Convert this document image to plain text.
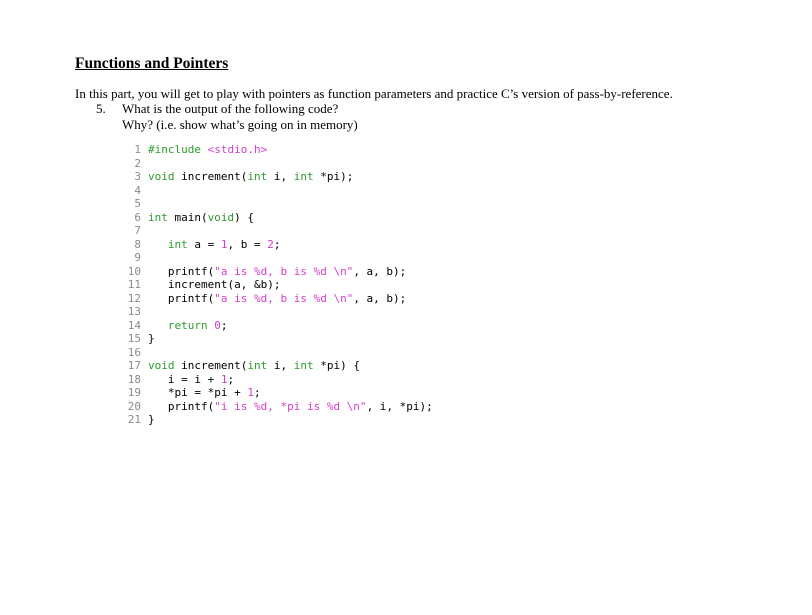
Functions and Pointers

In this part, you will get to play with pointers as function parameters and practice C’s version of pass-by-reference.

5. What is the output of the following code?
Why? (i.e. show what’s going on in memory)
1 #include <stdio.h>
2
3 void increment(int i, int *pi);
4
5
6 int main(void) {
7
8	int a = 1, b = 2;
9
10 printf("a is %d, b is %d \n", a, b);
11 increment(a, &b);
12 printf("a is %d, b is %d \n", a, b);
13
14	return 0;
15 }
16
17 void increment(int i, int *pi) {
18 i = i + 1;
19 *pi = *pi + 1;
20 printf("i is %d, *pi is %d \n", i, *pi);
21 }
